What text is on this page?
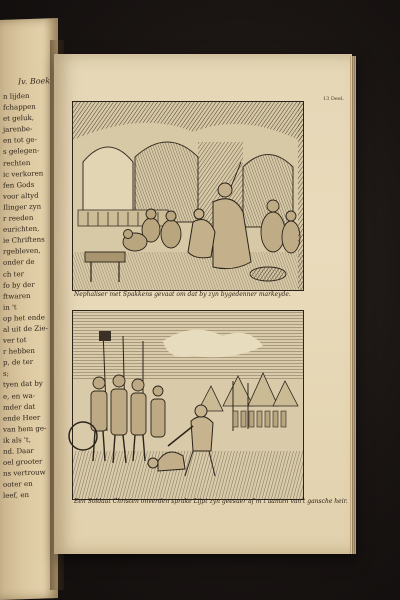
Iv. Boek
n lijden
fchappen
et geluk,
jarenbe-
en tot ge-
s gelegen-
rechten
ic verkoren
fen Gods
voor altyd
Ilinger zyn
r reeden
eurichten,
ie Chriftens
rgebleven,
onder de
ch ter
fo by der
ftwaren
in 't
op het ende
al uit de Zie-
ver tot
r hebben
p, de ter
s;
tyen dat by
e, en wa-
mder dat
ende Heer
van hem ge-
ik als 't,
nd. Daar
oel grooter
ns vertrouw
ooter en
leef, en
13 Deel.
Nephaliser met Spakkens gevaat om dat by zyn bygedenner markeyde.
Een Soldaat Christen onverden sprake Lijpt zyn geesuer af m t aanten van't gansche heir.
